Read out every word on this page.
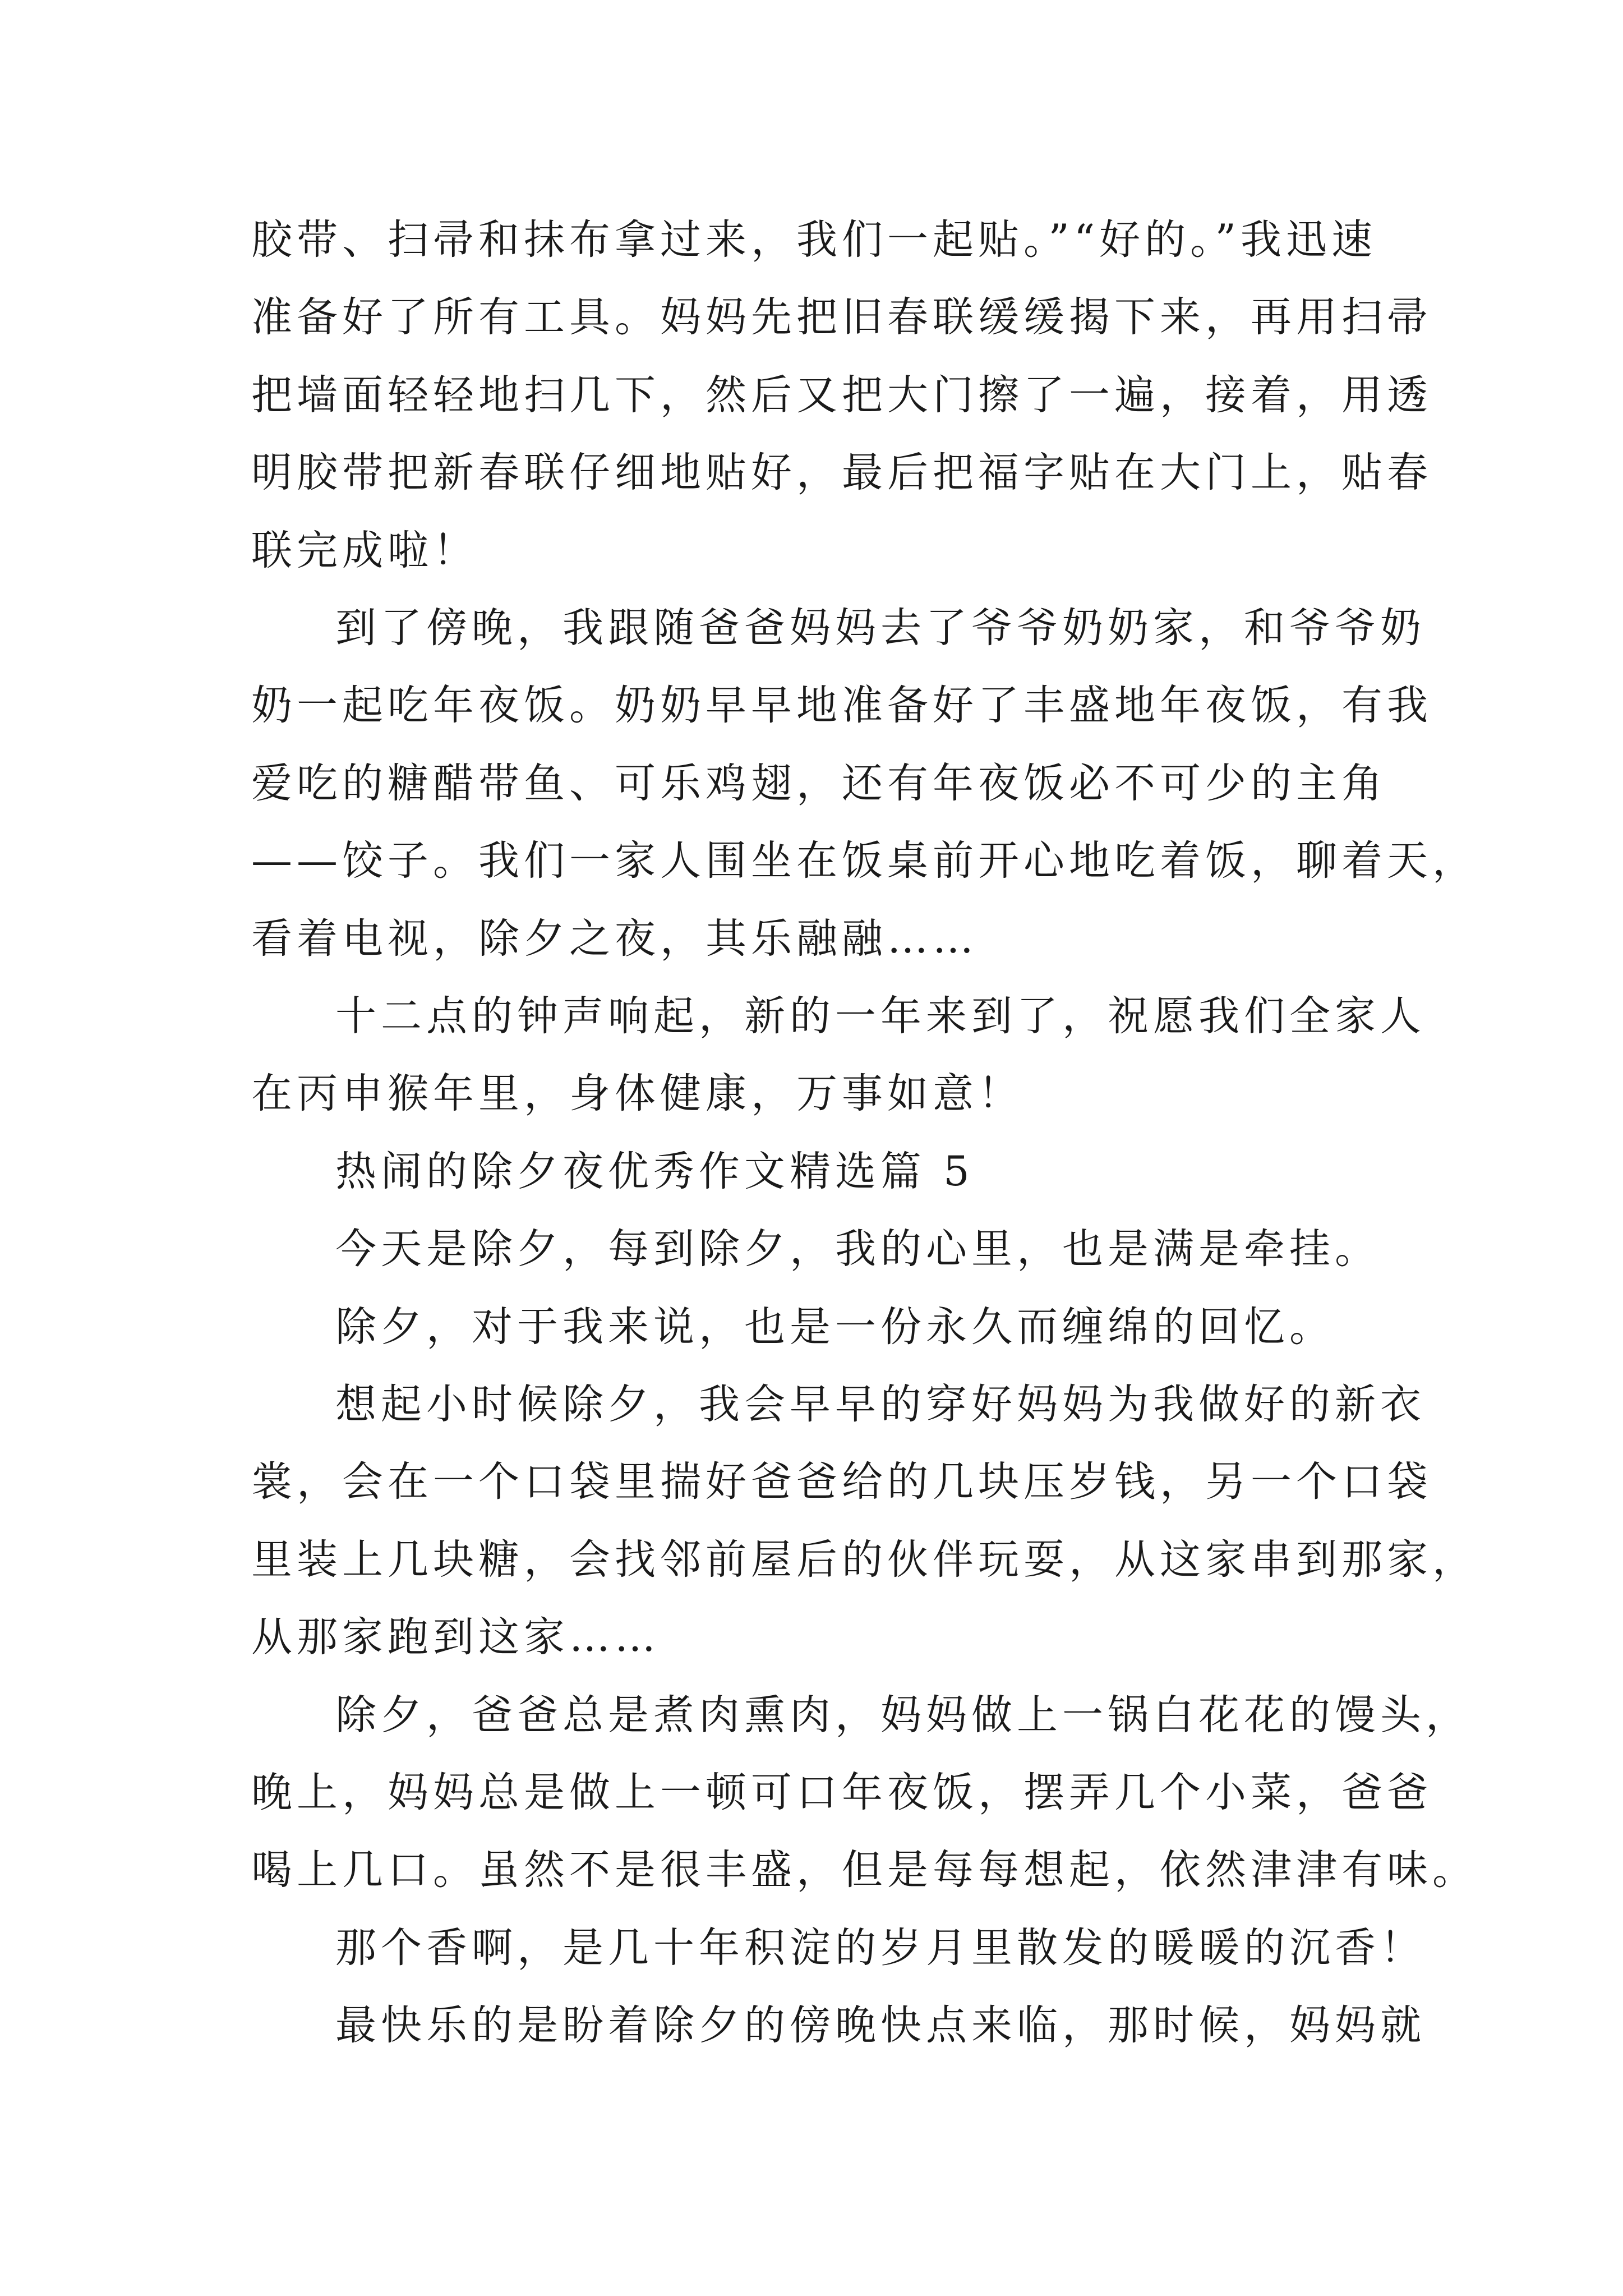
胶带、扫帚和抹布拿过来，我们一起贴。”“好的。”我迅速
准备好了所有工具。妈妈先把旧春联缓缓揭下来，再用扫帚
把墙面轻轻地扫几下，然后又把大门擦了一遍，接着，用透
明胶带把新春联仔细地贴好，最后把福字贴在大门上，贴春
联完成啦！
到了傍晚，我跟随爸爸妈妈去了爷爷奶奶家，和爷爷奶
奶一起吃年夜饭。奶奶早早地准备好了丰盛地年夜饭，有我
爱吃的糖醋带鱼、可乐鸡翅，还有年夜饭必不可少的主角
——饺子。我们一家人围坐在饭桌前开心地吃着饭，聊着天，
看着电视，除夕之夜，其乐融融……
十二点的钟声响起，新的一年来到了，祝愿我们全家人
在丙申猴年里，身体健康，万事如意！
热闹的除夕夜优秀作文精选篇 5
今天是除夕，每到除夕，我的心里，也是满是牵挂。
除夕，对于我来说，也是一份永久而缠绵的回忆。
想起小时候除夕，我会早早的穿好妈妈为我做好的新衣
裳，会在一个口袋里揣好爸爸给的几块压岁钱，另一个口袋
里装上几块糖，会找邻前屋后的伙伴玩耍，从这家串到那家，
从那家跑到这家……
除夕，爸爸总是煮肉熏肉，妈妈做上一锅白花花的馒头，
晚上，妈妈总是做上一顿可口年夜饭，摆弄几个小菜，爸爸
喝上几口。虽然不是很丰盛，但是每每想起，依然津津有味。
那个香啊，是几十年积淀的岁月里散发的暖暖的沉香！
最快乐的是盼着除夕的傍晚快点来临，那时候，妈妈就
